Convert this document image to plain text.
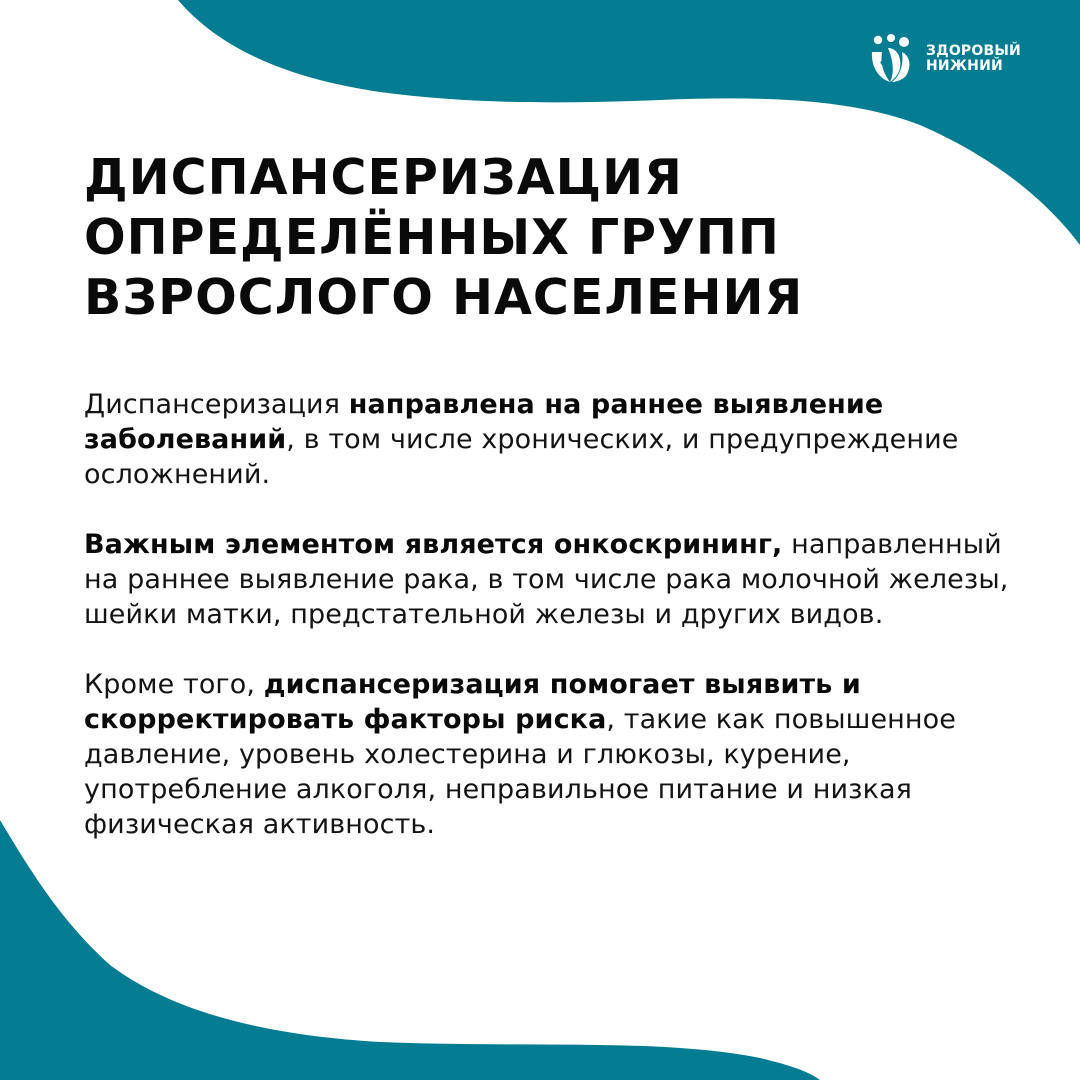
ЗДОРОВЫЙ
НИЖНИЙ
ДИСПАНСЕРИЗАЦИЯ
ОПРЕДЕЛЁННЫХ ГРУПП
ВЗРОСЛОГО НАСЕЛЕНИЯ

Диспансеризация направлена на раннее выявление заболеваний, в том числе хронических, и предупреждение осложнений.

Важным элементом является онкоскрининг, направленный на раннее выявление рака, в том числе рака молочной железы, шейки матки, предстательной железы и других видов.

Кроме того, диспансеризация помогает выявить и скорректировать факторы риска, такие как повышенное давление, уровень холестерина и глюкозы, курение, употребление алкоголя, неправильное питание и низкая физическая активность.
